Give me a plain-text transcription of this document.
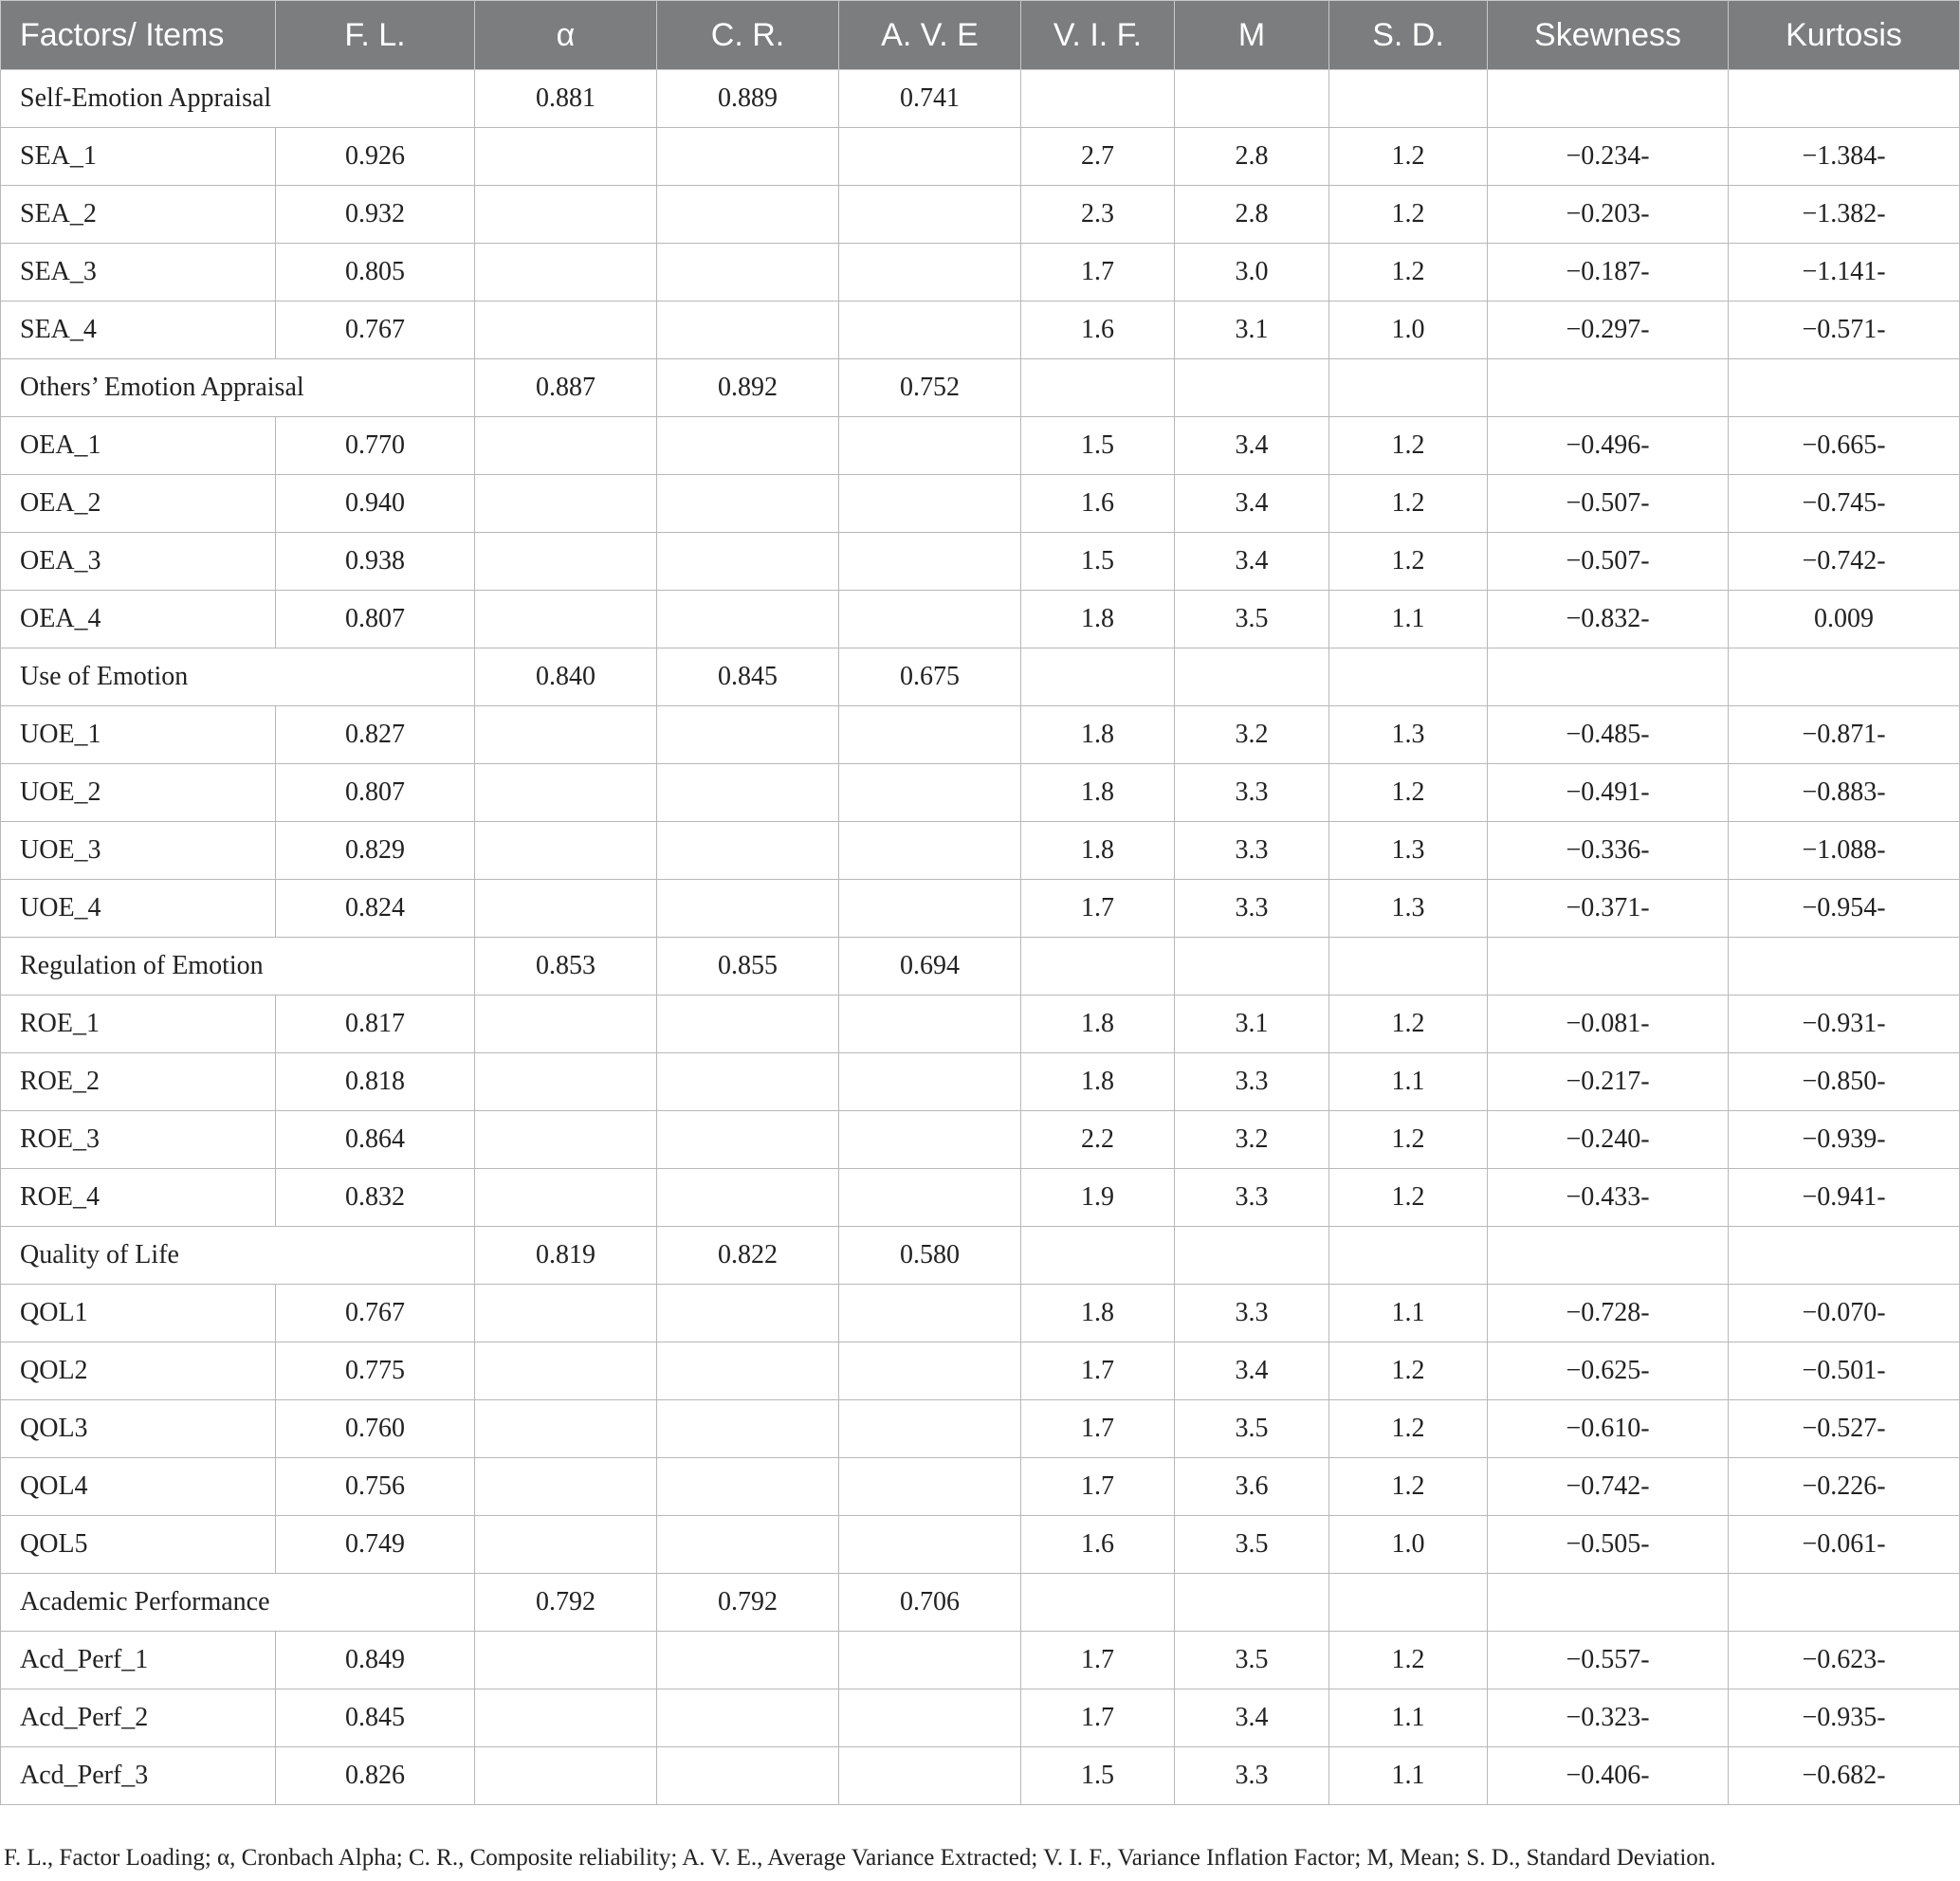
Factors/ Items	F. L.	α	C. R.	A. V. E	V. I. F.	M	S. D.	Skewness	Kurtosis
Self-Emotion Appraisal		0.881	0.889	0.741					
SEA_1	0.926				2.7	2.8	1.2	−0.234-	−1.384-
SEA_2	0.932				2.3	2.8	1.2	−0.203-	−1.382-
SEA_3	0.805				1.7	3.0	1.2	−0.187-	−1.141-
SEA_4	0.767				1.6	3.1	1.0	−0.297-	−0.571-
Others’ Emotion Appraisal		0.887	0.892	0.752					
OEA_1	0.770				1.5	3.4	1.2	−0.496-	−0.665-
OEA_2	0.940				1.6	3.4	1.2	−0.507-	−0.745-
OEA_3	0.938				1.5	3.4	1.2	−0.507-	−0.742-
OEA_4	0.807				1.8	3.5	1.1	−0.832-	0.009
Use of Emotion		0.840	0.845	0.675					
UOE_1	0.827				1.8	3.2	1.3	−0.485-	−0.871-
UOE_2	0.807				1.8	3.3	1.2	−0.491-	−0.883-
UOE_3	0.829				1.8	3.3	1.3	−0.336-	−1.088-
UOE_4	0.824				1.7	3.3	1.3	−0.371-	−0.954-
Regulation of Emotion		0.853	0.855	0.694					
ROE_1	0.817				1.8	3.1	1.2	−0.081-	−0.931-
ROE_2	0.818				1.8	3.3	1.1	−0.217-	−0.850-
ROE_3	0.864				2.2	3.2	1.2	−0.240-	−0.939-
ROE_4	0.832				1.9	3.3	1.2	−0.433-	−0.941-
Quality of Life		0.819	0.822	0.580					
QOL1	0.767				1.8	3.3	1.1	−0.728-	−0.070-
QOL2	0.775				1.7	3.4	1.2	−0.625-	−0.501-
QOL3	0.760				1.7	3.5	1.2	−0.610-	−0.527-
QOL4	0.756				1.7	3.6	1.2	−0.742-	−0.226-
QOL5	0.749				1.6	3.5	1.0	−0.505-	−0.061-
Academic Performance		0.792	0.792	0.706					
Acd_Perf_1	0.849				1.7	3.5	1.2	−0.557-	−0.623-
Acd_Perf_2	0.845				1.7	3.4	1.1	−0.323-	−0.935-
Acd_Perf_3	0.826				1.5	3.3	1.1	−0.406-	−0.682-
F. L., Factor Loading; α, Cronbach Alpha; C. R., Composite reliability; A. V. E., Average Variance Extracted; V. I. F., Variance Inflation Factor; M, Mean; S. D., Standard Deviation.
